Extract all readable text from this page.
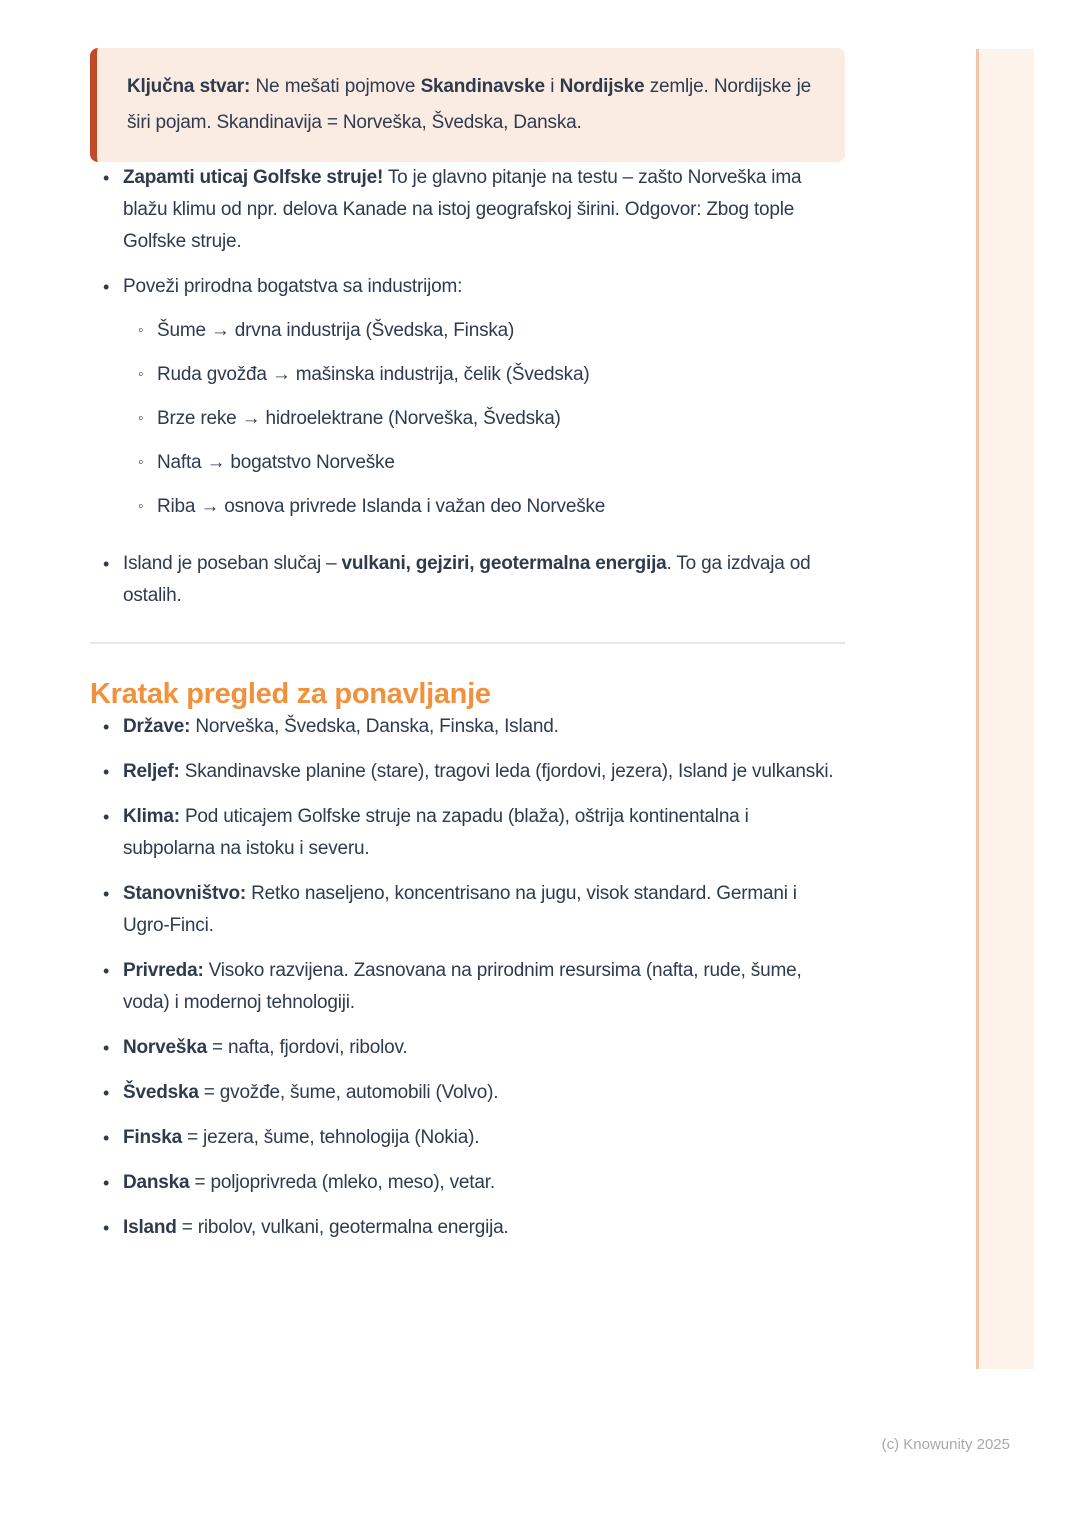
Ključna stvar: Ne mešati pojmove Skandinavske i Nordijske zemlje. Nordijske je širi pojam. Skandinavija = Norveška, Švedska, Danska.

• Zapamti uticaj Golfske struje! To je glavno pitanje na testu – zašto Norveška ima blažu klimu od npr. delova Kanade na istoj geografskoj širini. Odgovor: Zbog tople Golfske struje.

• Poveži prirodna bogatstva sa industrijom:

◦ Šume → drvna industrija (Švedska, Finska)

◦ Ruda gvožđa → mašinska industrija, čelik (Švedska)

◦ Brze reke → hidroelektrane (Norveška, Švedska)

◦ Nafta → bogatstvo Norveške

◦ Riba → osnova privrede Islanda i važan deo Norveške

• Island je poseban slučaj – vulkani, gejziri, geotermalna energija. To ga izdvaja od ostalih.

Kratak pregled za ponavljanje
• Države: Norveška, Švedska, Danska, Finska, Island.

• Reljef: Skandinavske planine (stare), tragovi leda (fjordovi, jezera), Island je vulkanski.

• Klima: Pod uticajem Golfske struje na zapadu (blaža), oštrija kontinentalna i subpolarna na istoku i severu.

• Stanovništvo: Retko naseljeno, koncentrisano na jugu, visok standard. Germani i Ugro-Finci.

• Privreda: Visoko razvijena. Zasnovana na prirodnim resursima (nafta, rude, šume, voda) i modernoj tehnologiji.

• Norveška = nafta, fjordovi, ribolov.

• Švedska = gvožđe, šume, automobili (Volvo).

• Finska = jezera, šume, tehnologija (Nokia).

• Danska = poljoprivreda (mleko, meso), vetar.

• Island = ribolov, vulkani, geotermalna energija.

(c) Knowunity 2025
